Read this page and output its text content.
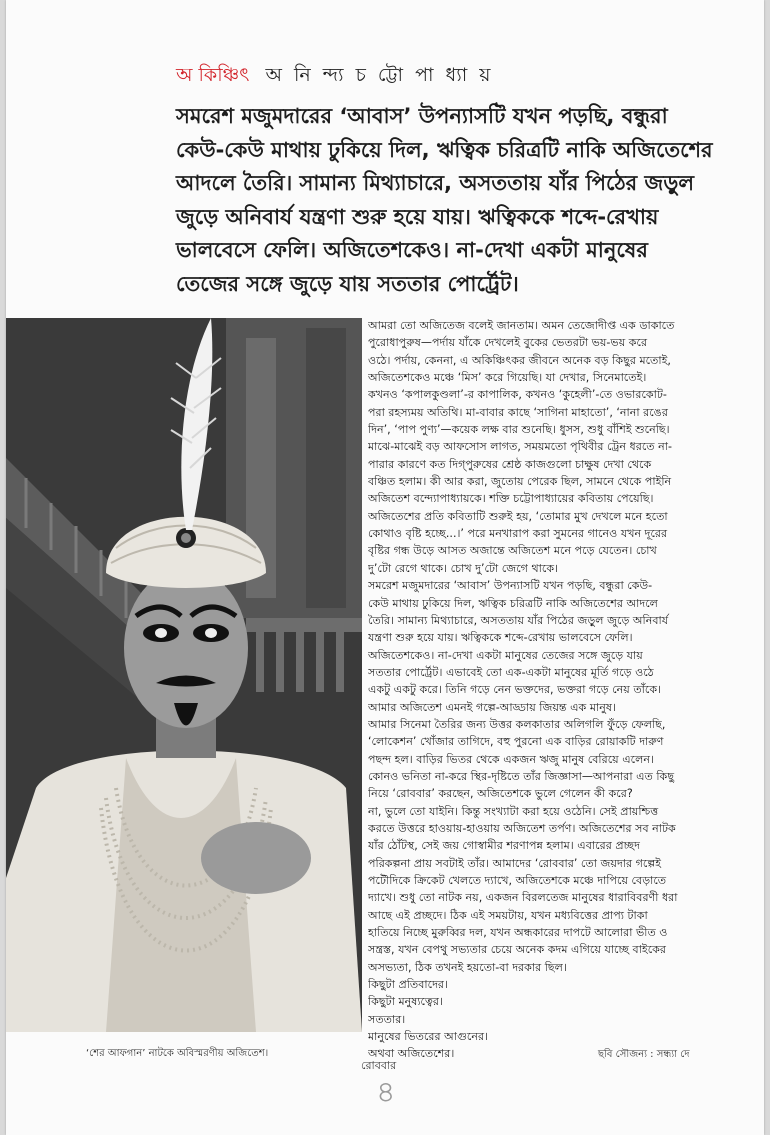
অ কিঞ্চিৎ অ নি ন্দ্য চ ট্টো পা ধ্যা য়
সমরেশ মজুমদারের ‘আবাস’ উপন্যাসটি যখন পড়ছি, বন্ধুরা
কেউ-কেউ মাথায় ঢুকিয়ে দিল, ঋত্বিক চরিত্রটি নাকি অজিতেশের
আদলে তৈরি। সামান্য মিথ্যাচারে, অসততায় যাঁর পিঠের জড়ুল
জুড়ে অনিবার্য যন্ত্রণা শুরু হয়ে যায়। ঋত্বিককে শব্দে-রেখায়
ভালবেসে ফেলি। অজিতেশকেও। না-দেখা একটা মানুষের
তেজের সঙ্গে জুড়ে যায় সততার পোর্ট্রেট।
‘শের আফগান’ নাটকে অবিস্মরণীয় অজিতেশ।
আমরা তো অজিতেজ বলেই জানতাম। অমন তেজোদীপ্ত এক ডাকাতে
পুরোধাপুরুষ—পর্দায় যাঁকে দেখলেই বুকের ভেতরটা ভয়-ভয় করে
ওঠে। পর্দায়, কেননা, এ অকিঞ্চিৎকর জীবনে অনেক বড় কিছুর মতোই,
অজিতেশকেও মঞ্চে ‘মিস’ করে গিয়েছি। যা দেখার, সিনেমাতেই।
কখনও ‘কপালকুণ্ডলা’-র কাপালিক, কখনও ‘কুহেলী’-তে ওভারকোট-
পরা রহস্যময় অতিথি। মা-বাবার কাছে ‘সাগিনা মাহাতো’, ‘নানা রঙের
দিন’, ‘পাপ পুণ্য’—কয়েক লক্ষ বার শুনেছি। ধুসস, শুধু বাঁশিই শুনেছি।
মাঝে-মাঝেই বড় আফসোস লাগত, সময়মতো পৃথিবীর ট্রেন ধরতে না-
পারার কারণে কত দিগ্‌পুরুষের শ্রেষ্ঠ কাজগুলো চাক্ষুষ দেখা থেকে
বঞ্চিত হলাম। কী আর করা, জুতোয় পেরেক ছিল, সামনে থেকে পাইনি
অজিতেশ বন্দ্যোপাধ্যায়কে। শক্তি চট্টোপাধ্যায়ের কবিতায় পেয়েছি।
অজিতেশের প্রতি কবিতাটি শুরুই হয়, ‘তোমার মুখ দেখলে মনে হতো
কোথাও বৃষ্টি হচ্ছে...।’ পরে মনখারাপ করা সুমনের গানেও যখন দূরের
বৃষ্টির গন্ধ উড়ে আসত অজান্তে অজিতেশ মনে পড়ে যেতেন। চোখ
দু’টো রেগে থাকে। চোখ দু’টো জেগে থাকে।
সমরেশ মজুমদারের ‘আবাস’ উপন্যাসটি যখন পড়ছি, বন্ধুরা কেউ-
কেউ মাথায় ঢুকিয়ে দিল, ঋত্বিক চরিত্রটি নাকি অজিতেশের আদলে
তৈরি। সামান্য মিথ্যাচারে, অসততায় যাঁর পিঠের জড়ুল জুড়ে অনিবার্য
যন্ত্রণা শুরু হয়ে যায়। ঋত্বিককে শব্দে-রেখায় ভালবেসে ফেলি।
অজিতেশকেও। না-দেখা একটা মানুষের তেজের সঙ্গে জুড়ে যায়
সততার পোর্ট্রেট। এভাবেই তো এক-একটা মানুষের মূর্তি গড়ে ওঠে
একটু একটু করে। তিনি গড়ে নেন ভক্তদের, ভক্তরা গড়ে নেয় তাঁকে।
আমার অজিতেশ এমনই গল্পে-আড্ডায় জিয়ন্ত এক মানুষ।
আমার সিনেমা তৈরির জন্য উত্তর কলকাতার অলিগলি ফুঁড়ে ফেলছি,
‘লোকেশন’ খোঁজার তাগিদে, বহু পুরনো এক বাড়ির রোয়াকটি দারুণ
পছন্দ হল। বাড়ির ভিতর থেকে একজন ঋজু মানুষ বেরিয়ে এলেন।
কোনও ভনিতা না-করে স্থির-দৃষ্টিতে তাঁর জিজ্ঞাসা—আপনারা এত কিছু
নিয়ে ‘রোববার’ করছেন, অজিতেশকে ভুলে গেলেন কী করে?
না, ভুলে তো যাইনি। কিন্তু সংখ্যাটা করা হয়ে ওঠেনি। সেই প্রায়শ্চিত্ত
করতে উত্তরে হাওয়ায়-হাওয়ায় অজিতেশ তর্পণ। অজিতেশের সব নাটক
যাঁর ঠোঁটস্থ, সেই জয় গোস্বামীর শরণাপন্ন হলাম। এবারের প্রচ্ছদ
পরিকল্পনা প্রায় সবটাই তাঁর। আমাদের ‘রোববার’ তো জয়দার গল্পেই
পটৌদিকে ক্রিকেট খেলতে দ্যাখে, অজিতেশকে মঞ্চে দাপিয়ে বেড়াতে
দ্যাখে। শুধু তো নাটক নয়, একজন বিরলতেজ মানুষের ধারাবিবরণী ধরা
আছে এই প্রচ্ছদে। ঠিক এই সময়টায়, যখন মধ্যবিত্তের প্রাপ্য টাকা
হাতিয়ে নিচ্ছে মুরুব্বির দল, যখন অন্ধকারের দাপটে আলোরা ভীত ও
সন্ত্রস্ত, যখন বেপথু সভ্যতার চেয়ে অনেক কদম এগিয়ে যাচ্ছে বাইকের
অসভ্যতা, ঠিক তখনই হয়তো-বা দরকার ছিল।
কিছুটা প্রতিবাদের।
কিছুটা মনুষ্যত্বের।
সততার।
মানুষের ভিতরের আগুনের।
অথবা অজিতেশের।	ছবি সৌজন্য : সন্ধ্যা দে
রোববার
৪
